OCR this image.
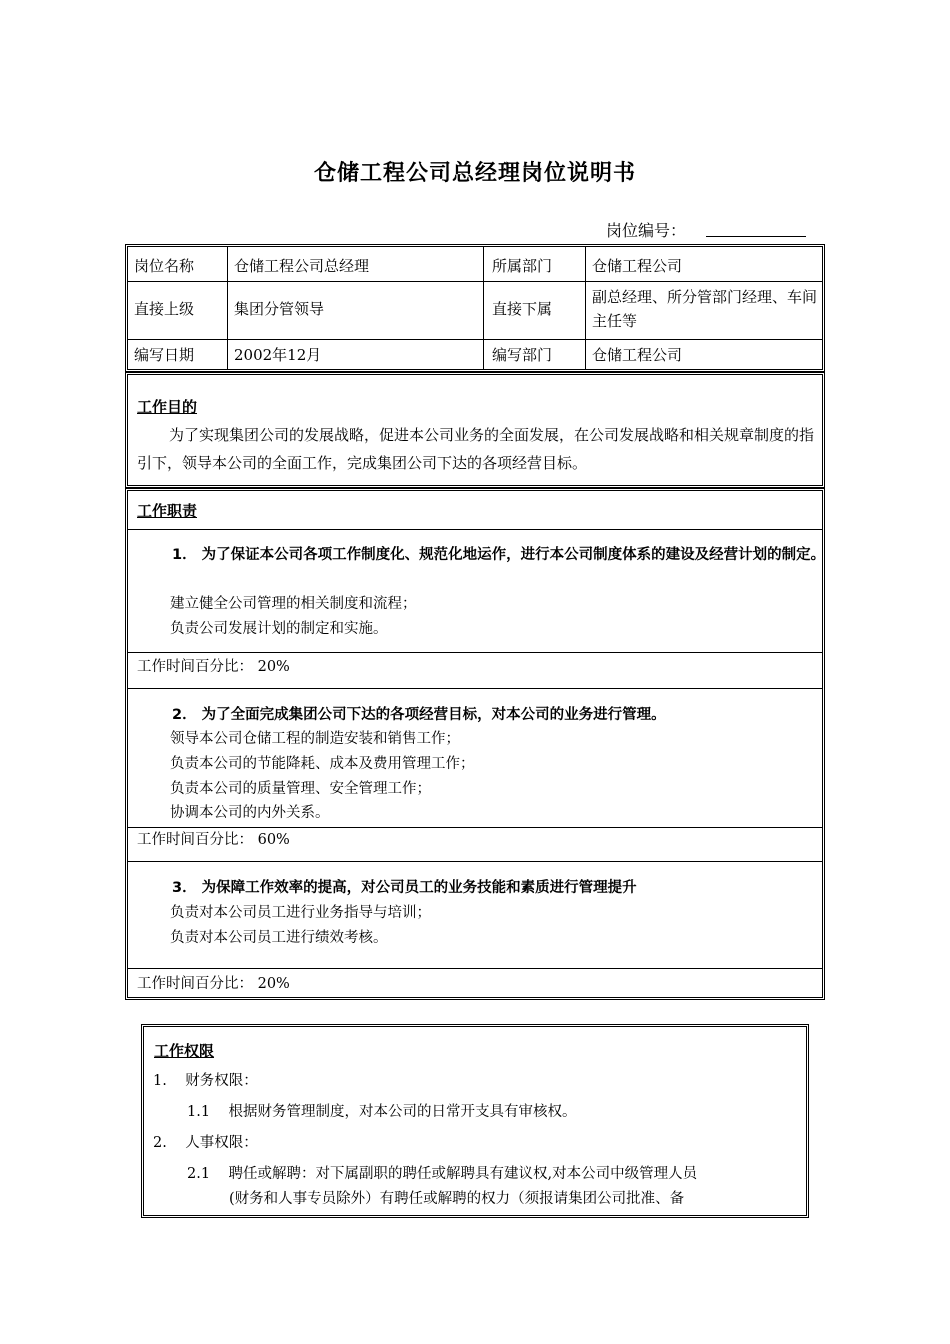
仓储工程公司总经理岗位说明书
岗位编号：
岗位名称	仓储工程公司总经理	所属部门	仓储工程公司
直接上级	集团分管领导	直接下属
副总经理、所分管部门经理、车间主任等
编写日期	2002年12月	编写部门	仓储工程公司
工作目的
为了实现集团公司的发展战略，促进本公司业务的全面发展，在公司发展战略和相关规章制度的指引下，领导本公司的全面工作，完成集团公司下达的各项经营目标。
工作职责
1． 为了保证本公司各项工作制度化、规范化地运作，进行本公司制度体系的建设及经营计划的制定。
建立健全公司管理的相关制度和流程；
负责公司发展计划的制定和实施。
工作时间百分比： 20%
2． 为了全面完成集团公司下达的各项经营目标，对本公司的业务进行管理。
领导本公司仓储工程的制造安装和销售工作；
负责本公司的节能降耗、成本及费用管理工作；
负责本公司的质量管理、安全管理工作；
协调本公司的内外关系。
工作时间百分比： 60%
3． 为保障工作效率的提高，对公司员工的业务技能和素质进行管理提升
负责对本公司员工进行业务指导与培训；
负责对本公司员工进行绩效考核。
工作时间百分比： 20%
工作权限
1.    财务权限：
1.1    根据财务管理制度，对本公司的日常开支具有审核权。
2.    人事权限：
2.1    聘任或解聘：对下属副职的聘任或解聘具有建议权,对本公司中级管理人员
(财务和人事专员除外）有聘任或解聘的权力（须报请集团公司批准、备
